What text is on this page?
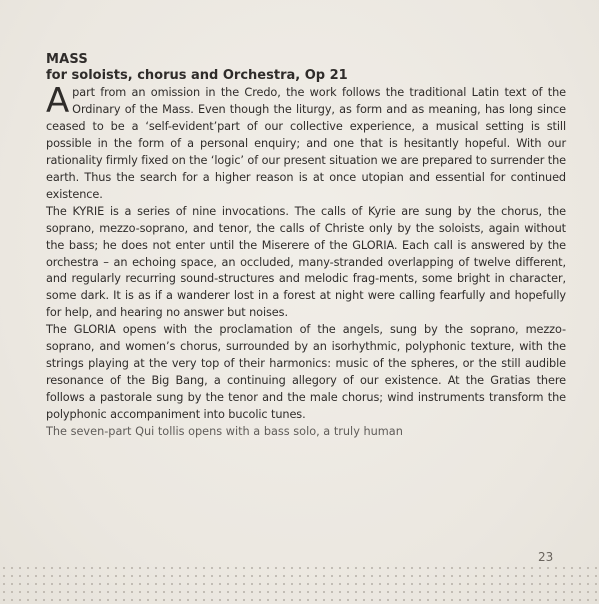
MASS
for soloists, chorus and Orchestra, Op 21

Apart from an omission in the Credo, the work follows the traditional Latin text of the Ordinary of the Mass. Even though the liturgy, as form and as meaning, has long since ceased to be a ‘self-evident’part of our collective experience, a musical setting is still possible in the form of a personal enquiry; and one that is hesitantly hopeful. With our rationality firmly fixed on the ‘logic’ of our present situation we are prepared to surrender the earth. Thus the search for a higher reason is at once utopian and essential for continued existence.

The KYRIE is a series of nine invocations. The calls of Kyrie are sung by the chorus, the soprano, mezzo-soprano, and tenor, the calls of Christe only by the soloists, again without the bass; he does not enter until the Miserere of the GLORIA. Each call is answered by the orchestra – an echoing space, an occluded, many-stranded overlapping of twelve different, and regularly recurring sound-structures and melodic frag-ments, some bright in character, some dark. It is as if a wanderer lost in a forest at night were calling fearfully and hopefully for help, and hearing no answer but noises.

The GLORIA opens with the proclamation of the angels, sung by the soprano, mezzo-soprano, and women’s chorus, surrounded by an isorhythmic, polyphonic texture, with the strings playing at the very top of their harmonics: music of the spheres, or the still audible resonance of the Big Bang, a continuing allegory of our existence. At the Gratias there follows a pastorale sung by the tenor and the male chorus; wind instruments transform the polyphonic accompaniment into bucolic tunes.

The seven-part Qui tollis opens with a bass solo, a truly human
23
